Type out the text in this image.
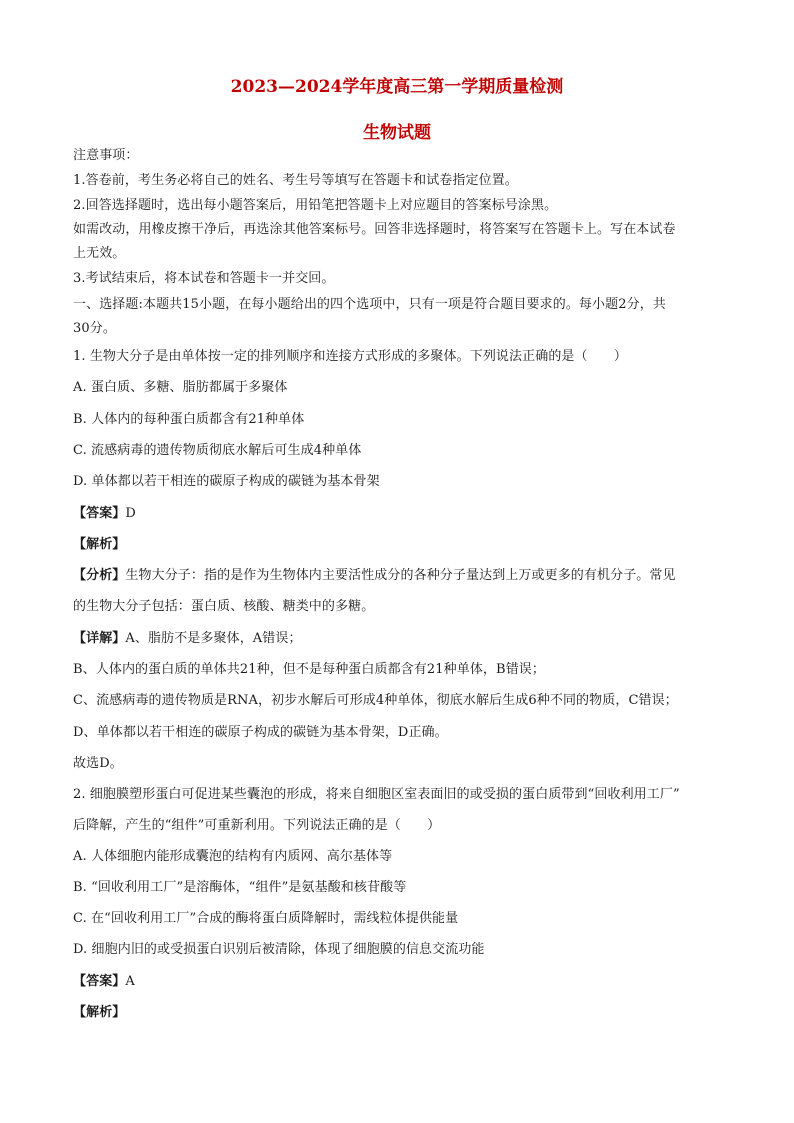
2023—2024学年度高三第一学期质量检测
生物试题
注意事项：
1.答卷前，考生务必将自己的姓名、考生号等填写在答题卡和试卷指定位置。
2.回答选择题时，选出每小题答案后，用铅笔把答题卡上对应题目的答案标号涂黑。
如需改动，用橡皮擦干净后，再选涂其他答案标号。回答非选择题时，将答案写在答题卡上。写在本试卷
上无效。
3.考试结束后，将本试卷和答题卡一并交回。
一、选择题:本题共15小题，在每小题给出的四个选项中，只有一项是符合题目要求的。每小题2分，共
30分。
1. 生物大分子是由单体按一定的排列顺序和连接方式形成的多聚体。下列说法正确的是（　　）
A. 蛋白质、多糖、脂肪都属于多聚体
B. 人体内的每种蛋白质都含有21种单体
C. 流感病毒的遗传物质彻底水解后可生成4种单体
D. 单体都以若干相连的碳原子构成的碳链为基本骨架
【答案】D
【解析】
【分析】生物大分子：指的是作为生物体内主要活性成分的各种分子量达到上万或更多的有机分子。常见
的生物大分子包括：蛋白质、核酸、糖类中的多糖。
【详解】A、脂肪不是多聚体，A错误；
B、人体内的蛋白质的单体共21种，但不是每种蛋白质都含有21种单体，B错误；
C、流感病毒的遗传物质是RNA，初步水解后可形成4种单体，彻底水解后生成6种不同的物质，C错误；
D、单体都以若干相连的碳原子构成的碳链为基本骨架，D正确。
故选D。
2. 细胞膜塑形蛋白可促进某些囊泡的形成，将来自细胞区室表面旧的或受损的蛋白质带到“回收利用工厂”
后降解，产生的“组件”可重新利用。下列说法正确的是（　　）
A. 人体细胞内能形成囊泡的结构有内质网、高尔基体等
B. “回收利用工厂”是溶酶体，“组件”是氨基酸和核苷酸等
C. 在“回收利用工厂”合成的酶将蛋白质降解时，需线粒体提供能量
D. 细胞内旧的或受损蛋白识别后被清除，体现了细胞膜的信息交流功能
【答案】A
【解析】
